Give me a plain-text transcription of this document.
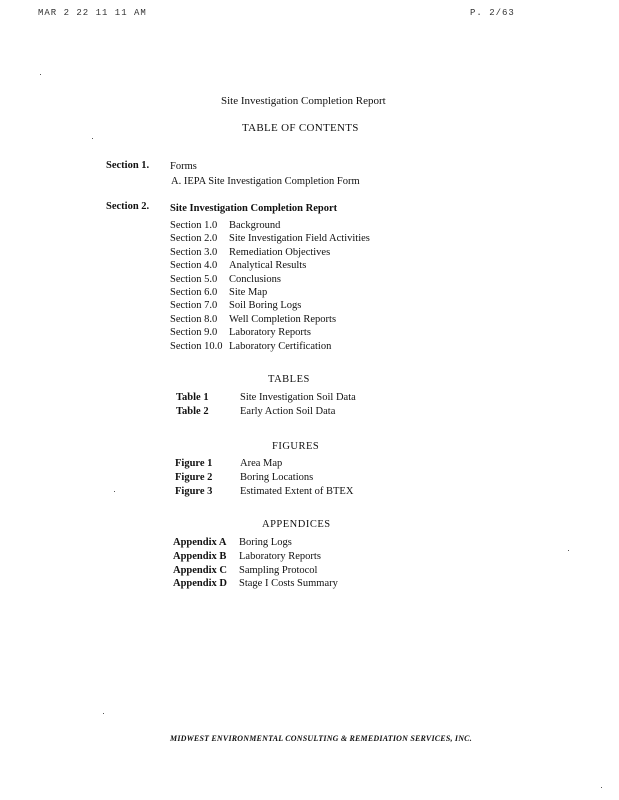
MAR 2 22 11 11 AM	P. 2/63
Site Investigation Completion Report
TABLE OF CONTENTS
Section 1. Forms
A. IEPA Site Investigation Completion Form
Section 2. Site Investigation Completion Report
Section 1.0 Background
Section 2.0 Site Investigation Field Activities
Section 3.0 Remediation Objectives
Section 4.0 Analytical Results
Section 5.0 Conclusions
Section 6.0 Site Map
Section 7.0 Soil Boring Logs
Section 8.0 Well Completion Reports
Section 9.0 Laboratory Reports
Section 10.0 Laboratory Certification
TABLES
Table 1	Site Investigation Soil Data
Table 2	Early Action Soil Data
FIGURES
Figure 1	Area Map
Figure 2	Boring Locations
Figure 3	Estimated Extent of BTEX
APPENDICES
Appendix A Boring Logs
Appendix B Laboratory Reports
Appendix C Sampling Protocol
Appendix D Stage I Costs Summary
MIDWEST ENVIRONMENTAL CONSULTING & REMEDIATION SERVICES, INC.
